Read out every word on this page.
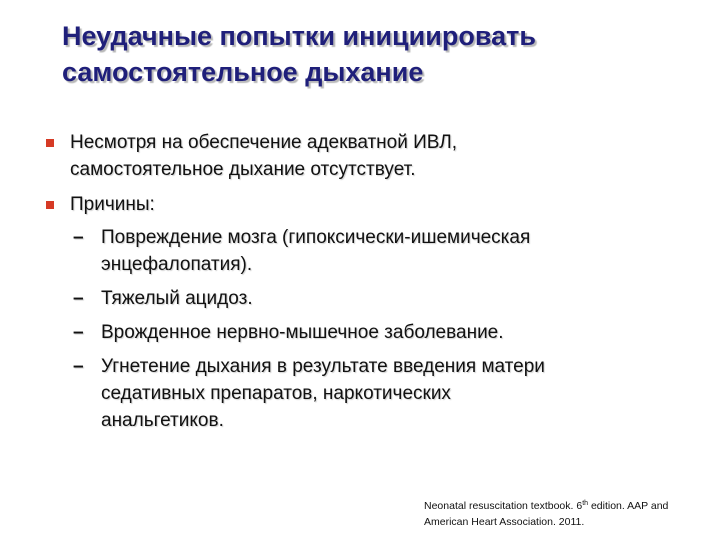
Неудачные попытки инициировать
самостоятельное дыхание
Несмотря на обеспечение адекватной ИВЛ,
самостоятельное дыхание отсутствует.
Причины:
– Повреждение мозга (гипоксически-ишемическая
энцефалопатия).
– Тяжелый ацидоз.
– Врожденное нервно-мышечное заболевание.
– Угнетение дыхания в результате введения матери
седативных препаратов, наркотических
анальгетиков.
Neonatal resuscitation textbook. 6th edition. AAP and
American Heart Association. 2011.
